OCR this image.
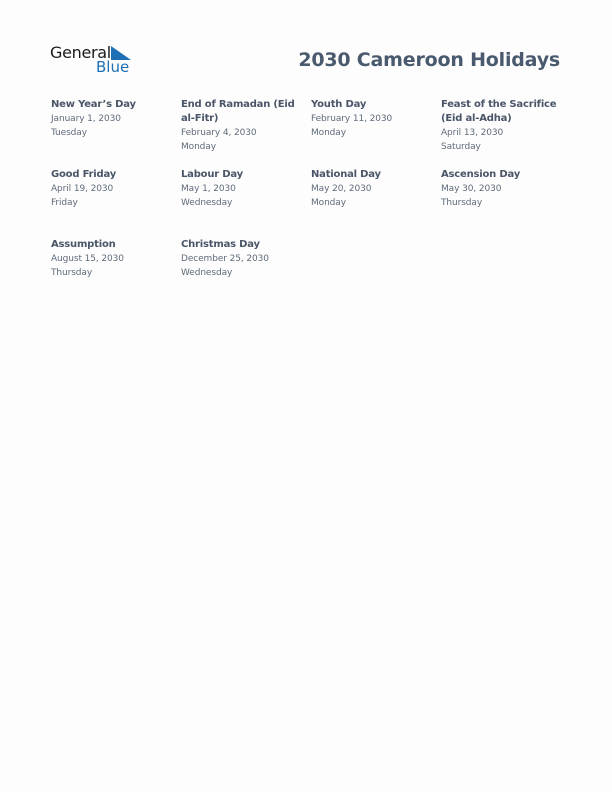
General
Blue	2030 Cameroon Holidays
New Year’s Day
January 1, 2030
Tuesday
End of Ramadan (Eid al-Fitr)
February 4, 2030
Monday
Youth Day
February 11, 2030
Monday
Feast of the Sacrifice (Eid al-Adha)
April 13, 2030
Saturday
Good Friday
April 19, 2030
Friday
Labour Day
May 1, 2030
Wednesday
National Day
May 20, 2030
Monday
Ascension Day
May 30, 2030
Thursday
Assumption
August 15, 2030
Thursday
Christmas Day
December 25, 2030
Wednesday
